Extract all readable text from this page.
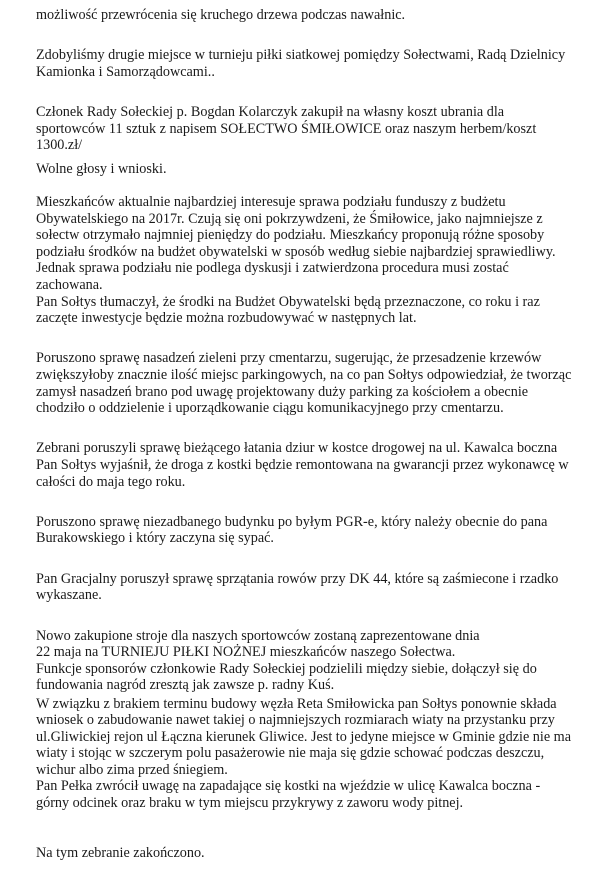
możliwość przewrócenia się kruchego drzewa podczas nawałnic.
Zdobyliśmy drugie miejsce w turnieju piłki siatkowej pomiędzy Sołectwami, Radą Dzielnicy
Kamionka i Samorządowcami..
Członek Rady Sołeckiej p. Bogdan Kolarczyk zakupił na własny koszt ubrania dla
sportowców 11 sztuk z napisem SOŁECTWO ŚMIŁOWICE oraz naszym herbem/koszt
1300.zł/
Wolne głosy i wnioski.
Mieszkańców aktualnie najbardziej interesuje sprawa podziału funduszy z budżetu
Obywatelskiego na 2017r. Czują się oni pokrzywdzeni, że Śmiłowice, jako najmniejsze z
sołectw otrzymało najmniej pieniędzy do podziału. Mieszkańcy proponują różne sposoby
podziału środków na budżet obywatelski w sposób według siebie najbardziej sprawiedliwy.
Jednak sprawa podziału nie podlega dyskusji i zatwierdzona procedura musi zostać
zachowana.
Pan Sołtys tłumaczył, że środki na Budżet Obywatelski będą przeznaczone, co roku i raz
zaczęte inwestycje będzie można rozbudowywać w następnych lat.
Poruszono sprawę nasadzeń zieleni przy cmentarzu, sugerując, że przesadzenie krzewów
zwiększyłoby znacznie ilość miejsc parkingowych, na co pan Sołtys odpowiedział, że tworząc
zamysł nasadzeń brano pod uwagę projektowany duży parking za kościołem a obecnie
chodziło o oddzielenie i uporządkowanie ciągu komunikacyjnego przy cmentarzu.
Zebrani poruszyli sprawę bieżącego łatania dziur w kostce drogowej na ul. Kawalca boczna
Pan Sołtys wyjaśnił, że droga z kostki będzie remontowana na gwarancji przez wykonawcę w
całości do maja tego roku.
Poruszono sprawę niezadbanego budynku po byłym PGR-e, który należy obecnie do pana
Burakowskiego i który zaczyna się sypać.
Pan Gracjalny poruszył sprawę sprzątania rowów przy DK 44, które są zaśmiecone i rzadko
wykaszane.
Nowo zakupione stroje dla naszych sportowców zostaną zaprezentowane dnia
22 maja na TURNIEJU PIŁKI NOŻNEJ mieszkańców naszego Sołectwa.
Funkcje sponsorów członkowie Rady Sołeckiej podzielili między siebie, dołączył się do
fundowania nagród zresztą jak zawsze p. radny Kuś.
W związku z brakiem terminu budowy węzła Reta Smiłowicka pan Sołtys ponownie składa
wniosek o zabudowanie nawet takiej o najmniejszych rozmiarach wiaty na przystanku przy
ul.Gliwickiej rejon ul Łączna kierunek Gliwice. Jest to jedyne miejsce w Gminie gdzie nie ma
wiaty i stojąc w szczerym polu pasażerowie nie maja się gdzie schować podczas deszczu,
wichur albo zima przed śniegiem.
Pan Pełka zwrócił uwagę na zapadające się kostki na wjeździe w ulicę Kawalca boczna -
górny odcinek oraz braku w tym miejscu przykrywy z zaworu wody pitnej.
Na tym zebranie zakończono.
